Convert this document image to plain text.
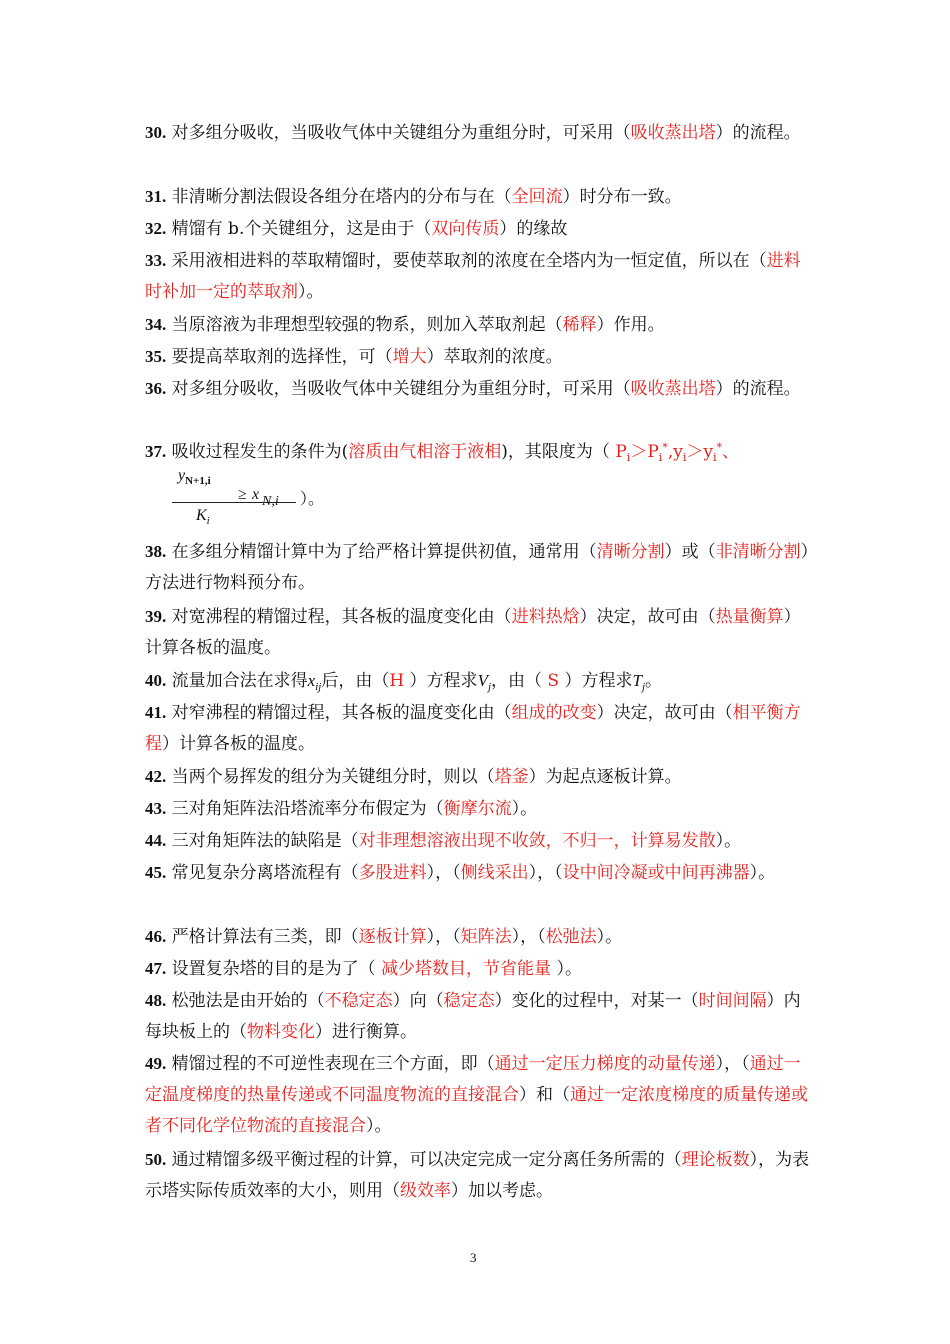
30. 对多组分吸收，当吸收气体中关键组分为重组分时，可采用（吸收蒸出塔）的流程。
31. 非清晰分割法假设各组分在塔内的分布与在（全回流）时分布一致。
32. 精馏有 b.个关键组分，这是由于（双向传质）的缘故
33. 采用液相进料的萃取精馏时，要使萃取剂的浓度在全塔内为一恒定值，所以在（进料时补加一定的萃取剂）。
34. 当原溶液为非理想型较强的物系，则加入萃取剂起（稀释）作用。
35. 要提高萃取剂的选择性，可（增大）萃取剂的浓度。
36. 对多组分吸收，当吸收气体中关键组分为重组分时，可采用（吸收蒸出塔）的流程。
37. 吸收过程发生的条件为(溶质由气相溶于液相)，其限度为（ $P_i>P_i^*,y_i>y_i^*$、
$y_{N+1,i}$
≥ x N,i ）。
$K_i$
38. 在多组分精馏计算中为了给严格计算提供初值，通常用（清晰分割）或（非清晰分割）方法进行物料预分布。
39. 对宽沸程的精馏过程，其各板的温度变化由（进料热焓）决定，故可由（热量衡算）计算各板的温度。
40. 流量加合法在求得$x_{ij}$后，由（H ）方程求$V_j$，由（ S ）方程求$T_j$。
41. 对窄沸程的精馏过程，其各板的温度变化由（组成的改变）决定，故可由（相平衡方程）计算各板的温度。
42. 当两个易挥发的组分为关键组分时，则以（塔釜）为起点逐板计算。
43. 三对角矩阵法沿塔流率分布假定为（衡摩尔流）。
44. 三对角矩阵法的缺陷是（对非理想溶液出现不收敛，不归一，计算易发散）。
45. 常见复杂分离塔流程有（多股进料），（侧线采出），（设中间冷凝或中间再沸器）。
46. 严格计算法有三类，即（逐板计算），（矩阵法），（松弛法）。
47. 设置复杂塔的目的是为了（ 减少塔数目，节省能量 ）。
48. 松弛法是由开始的（不稳定态）向（稳定态）变化的过程中，对某一（时间间隔）内每块板上的（物料变化）进行衡算。
49. 精馏过程的不可逆性表现在三个方面，即（通过一定压力梯度的动量传递），（通过一定温度梯度的热量传递或不同温度物流的直接混合）和（通过一定浓度梯度的质量传递或者不同化学位物流的直接混合）。
50. 通过精馏多级平衡过程的计算，可以决定完成一定分离任务所需的（理论板数），为表示塔实际传质效率的大小，则用（级效率）加以考虑。
3
